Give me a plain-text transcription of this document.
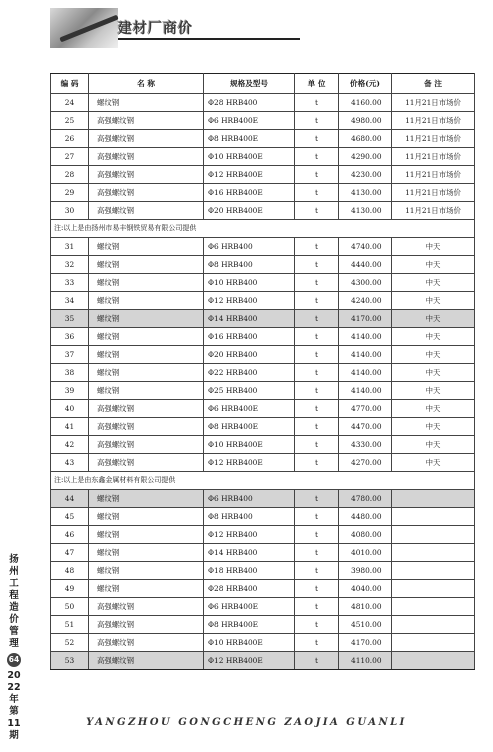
建材厂商价
编 码	名 称	规格及型号	单 位	价格(元)	备 注
24	螺纹钢	Φ28 HRB400	t	4160.00	11月21日市场价
25	高强螺纹钢	Φ6 HRB400E	t	4980.00	11月21日市场价
26	高强螺纹钢	Φ8 HRB400E	t	4680.00	11月21日市场价
27	高强螺纹钢	Φ10 HRB400E	t	4290.00	11月21日市场价
28	高强螺纹钢	Φ12 HRB400E	t	4230.00	11月21日市场价
29	高强螺纹钢	Φ16 HRB400E	t	4130.00	11月21日市场价
30	高强螺纹钢	Φ20 HRB400E	t	4130.00	11月21日市场价
注:以上是由扬州市易丰钢铁贸易有限公司提供					
31	螺纹钢	Φ6 HRB400	t	4740.00	中天
32	螺纹钢	Φ8 HRB400	t	4440.00	中天
33	螺纹钢	Φ10 HRB400	t	4300.00	中天
34	螺纹钢	Φ12 HRB400	t	4240.00	中天
35	螺纹钢	Φ14 HRB400	t	4170.00	中天
36	螺纹钢	Φ16 HRB400	t	4140.00	中天
37	螺纹钢	Φ20 HRB400	t	4140.00	中天
38	螺纹钢	Φ22 HRB400	t	4140.00	中天
39	螺纹钢	Φ25 HRB400	t	4140.00	中天
40	高强螺纹钢	Φ6 HRB400E	t	4770.00	中天
41	高强螺纹钢	Φ8 HRB400E	t	4470.00	中天
42	高强螺纹钢	Φ10 HRB400E	t	4330.00	中天
43	高强螺纹钢	Φ12 HRB400E	t	4270.00	中天
注:以上是由东鑫金属材料有限公司提供					
44	螺纹钢	Φ6 HRB400	t	4780.00	
45	螺纹钢	Φ8 HRB400	t	4480.00	
46	螺纹钢	Φ12 HRB400	t	4080.00	
47	螺纹钢	Φ14 HRB400	t	4010.00	
48	螺纹钢	Φ18 HRB400	t	3980.00	
49	螺纹钢	Φ28 HRB400	t	4040.00	
50	高强螺纹钢	Φ6 HRB400E	t	4810.00	
51	高强螺纹钢	Φ8 HRB400E	t	4510.00	
52	高强螺纹钢	Φ10 HRB400E	t	4170.00	
53	高强螺纹钢	Φ12 HRB400E	t	4110.00	
扬
州
工
程
造
价
管
理
64
20
22
年
第
11
期
YANGZHOU GONGCHENG ZAOJIA GUANLI
